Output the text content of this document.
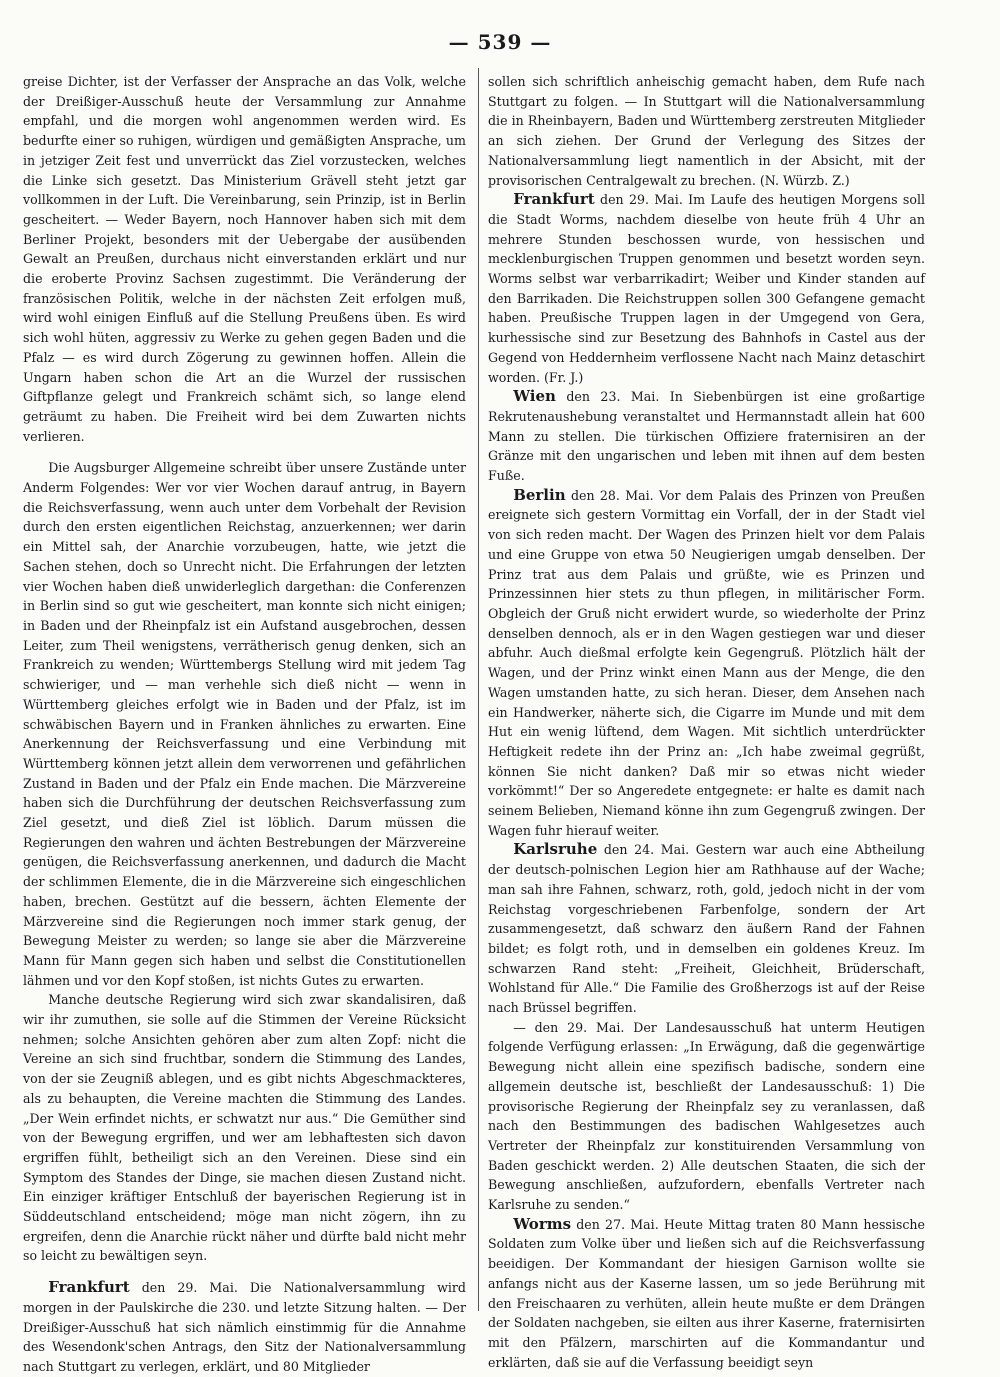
— 539 —

greise Dichter, ist der Verfasser der Ansprache an das Volk, welche der Dreißiger-Ausschuß heute der Versammlung zur Annahme empfahl, und die morgen wohl angenommen werden wird. Es bedurfte einer so ruhigen, würdigen und gemäßigten Ansprache, um in jetziger Zeit fest und unverrückt das Ziel vorzustecken, welches die Linke sich gesetzt. Das Ministerium Grävell steht jetzt gar vollkommen in der Luft. Die Vereinbarung, sein Prinzip, ist in Berlin gescheitert. — Weder Bayern, noch Hannover haben sich mit dem Berliner Projekt, besonders mit der Uebergabe der ausübenden Gewalt an Preußen, durchaus nicht einverstanden erklärt und nur die eroberte Provinz Sachsen zugestimmt. Die Veränderung der französischen Politik, welche in der nächsten Zeit erfolgen muß, wird wohl einigen Einfluß auf die Stellung Preußens üben. Es wird sich wohl hüten, aggressiv zu Werke zu gehen gegen Baden und die Pfalz — es wird durch Zögerung zu gewinnen hoffen. Allein die Ungarn haben schon die Art an die Wurzel der russischen Giftpflanze gelegt und Frankreich schämt sich, so lange elend geträumt zu haben. Die Freiheit wird bei dem Zuwarten nichts verlieren.

Die Augsburger Allgemeine schreibt über unsere Zustände unter Anderm Folgendes: Wer vor vier Wochen darauf antrug, in Bayern die Reichsverfassung, wenn auch unter dem Vorbehalt der Revision durch den ersten eigentlichen Reichstag, anzuerkennen; wer darin ein Mittel sah, der Anarchie vorzubeugen, hatte, wie jetzt die Sachen stehen, doch so Unrecht nicht. Die Erfahrungen der letzten vier Wochen haben dieß unwiderleglich dargethan: die Conferenzen in Berlin sind so gut wie gescheitert, man konnte sich nicht einigen; in Baden und der Rheinpfalz ist ein Aufstand ausgebrochen, dessen Leiter, zum Theil wenigstens, verrätherisch genug denken, sich an Frankreich zu wenden; Württembergs Stellung wird mit jedem Tag schwieriger, und — man verhehle sich dieß nicht — wenn in Württemberg gleiches erfolgt wie in Baden und der Pfalz, ist im schwäbischen Bayern und in Franken ähnliches zu erwarten. Eine Anerkennung der Reichsverfassung und eine Verbindung mit Württemberg können jetzt allein dem verworrenen und gefährlichen Zustand in Baden und der Pfalz ein Ende machen. Die Märzvereine haben sich die Durchführung der deutschen Reichsverfassung zum Ziel gesetzt, und dieß Ziel ist löblich. Darum müssen die Regierungen den wahren und ächten Bestrebungen der Märzvereine genügen, die Reichsverfassung anerkennen, und dadurch die Macht der schlimmen Elemente, die in die Märzvereine sich eingeschlichen haben, brechen. Gestützt auf die bessern, ächten Elemente der Märzvereine sind die Regierungen noch immer stark genug, der Bewegung Meister zu werden; so lange sie aber die Märzvereine Mann für Mann gegen sich haben und selbst die Constitutionellen lähmen und vor den Kopf stoßen, ist nichts Gutes zu erwarten.

Manche deutsche Regierung wird sich zwar skandalisiren, daß wir ihr zumuthen, sie solle auf die Stimmen der Vereine Rücksicht nehmen; solche Ansichten gehören aber zum alten Zopf: nicht die Vereine an sich sind fruchtbar, sondern die Stimmung des Landes, von der sie Zeugniß ablegen, und es gibt nichts Abgeschmackteres, als zu behaupten, die Vereine machten die Stimmung des Landes. „Der Wein erfindet nichts, er schwatzt nur aus.“ Die Gemüther sind von der Bewegung ergriffen, und wer am lebhaftesten sich davon ergriffen fühlt, betheiligt sich an den Vereinen. Diese sind ein Symptom des Standes der Dinge, sie machen diesen Zustand nicht. Ein einziger kräftiger Entschluß der bayerischen Regierung ist in Süddeutschland entscheidend; möge man nicht zögern, ihn zu ergreifen, denn die Anarchie rückt näher und dürfte bald nicht mehr so leicht zu bewältigen seyn.

Frankfurt den 29. Mai. Die Nationalversammlung wird morgen in der Paulskirche die 230. und letzte Sitzung halten. — Der Dreißiger-Ausschuß hat sich nämlich einstimmig für die Annahme des Wesendonk'schen Antrags, den Sitz der Nationalversammlung nach Stuttgart zu verlegen, erklärt, und 80 Mitglieder

sollen sich schriftlich anheischig gemacht haben, dem Rufe nach Stuttgart zu folgen. — In Stuttgart will die Nationalversammlung die in Rheinbayern, Baden und Württemberg zerstreuten Mitglieder an sich ziehen. Der Grund der Verlegung des Sitzes der Nationalversammlung liegt namentlich in der Absicht, mit der provisorischen Centralgewalt zu brechen. (N. Würzb. Z.)

Frankfurt den 29. Mai. Im Laufe des heutigen Morgens soll die Stadt Worms, nachdem dieselbe von heute früh 4 Uhr an mehrere Stunden beschossen wurde, von hessischen und mecklenburgischen Truppen genommen und besetzt worden seyn. Worms selbst war verbarrikadirt; Weiber und Kinder standen auf den Barrikaden. Die Reichstruppen sollen 300 Gefangene gemacht haben. Preußische Truppen lagen in der Umgegend von Gera, kurhessische sind zur Besetzung des Bahnhofs in Castel aus der Gegend von Heddernheim verflossene Nacht nach Mainz detaschirt worden. (Fr. J.)

Wien den 23. Mai. In Siebenbürgen ist eine großartige Rekrutenaushebung veranstaltet und Hermannstadt allein hat 600 Mann zu stellen. Die türkischen Offiziere fraternisiren an der Gränze mit den ungarischen und leben mit ihnen auf dem besten Fuße.

Berlin den 28. Mai. Vor dem Palais des Prinzen von Preußen ereignete sich gestern Vormittag ein Vorfall, der in der Stadt viel von sich reden macht. Der Wagen des Prinzen hielt vor dem Palais und eine Gruppe von etwa 50 Neugierigen umgab denselben. Der Prinz trat aus dem Palais und grüßte, wie es Prinzen und Prinzessinnen hier stets zu thun pflegen, in militärischer Form. Obgleich der Gruß nicht erwidert wurde, so wiederholte der Prinz denselben dennoch, als er in den Wagen gestiegen war und dieser abfuhr. Auch dießmal erfolgte kein Gegengruß. Plötzlich hält der Wagen, und der Prinz winkt einen Mann aus der Menge, die den Wagen umstanden hatte, zu sich heran. Dieser, dem Ansehen nach ein Handwerker, näherte sich, die Cigarre im Munde und mit dem Hut ein wenig lüftend, dem Wagen. Mit sichtlich unterdrückter Heftigkeit redete ihn der Prinz an: „Ich habe zweimal gegrüßt, können Sie nicht danken? Daß mir so etwas nicht wieder vorkömmt!“ Der so Angeredete entgegnete: er halte es damit nach seinem Belieben, Niemand könne ihn zum Gegengruß zwingen. Der Wagen fuhr hierauf weiter.

Karlsruhe den 24. Mai. Gestern war auch eine Abtheilung der deutsch-polnischen Legion hier am Rathhause auf der Wache; man sah ihre Fahnen, schwarz, roth, gold, jedoch nicht in der vom Reichstag vorgeschriebenen Farbenfolge, sondern der Art zusammengesetzt, daß schwarz den äußern Rand der Fahnen bildet; es folgt roth, und in demselben ein goldenes Kreuz. Im schwarzen Rand steht: „Freiheit, Gleichheit, Brüderschaft, Wohlstand für Alle.“ Die Familie des Großherzogs ist auf der Reise nach Brüssel begriffen.

— den 29. Mai. Der Landesausschuß hat unterm Heutigen folgende Verfügung erlassen: „In Erwägung, daß die gegenwärtige Bewegung nicht allein eine spezifisch badische, sondern eine allgemein deutsche ist, beschließt der Landesausschuß: 1) Die provisorische Regierung der Rheinpfalz sey zu veranlassen, daß nach den Bestimmungen des badischen Wahlgesetzes auch Vertreter der Rheinpfalz zur konstituirenden Versammlung von Baden geschickt werden. 2) Alle deutschen Staaten, die sich der Bewegung anschließen, aufzufordern, ebenfalls Vertreter nach Karlsruhe zu senden.“

Worms den 27. Mai. Heute Mittag traten 80 Mann hessische Soldaten zum Volke über und ließen sich auf die Reichsverfassung beeidigen. Der Kommandant der hiesigen Garnison wollte sie anfangs nicht aus der Kaserne lassen, um so jede Berührung mit den Freischaaren zu verhüten, allein heute mußte er dem Drängen der Soldaten nachgeben, sie eilten aus ihrer Kaserne, fraternisirten mit den Pfälzern, marschirten auf die Kommandantur und erklärten, daß sie auf die Verfassung beeidigt seyn
